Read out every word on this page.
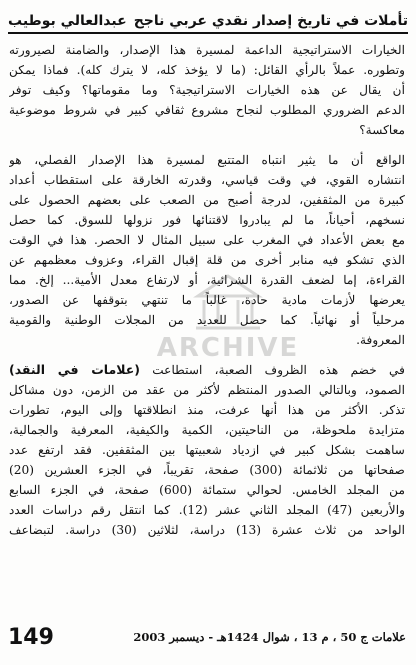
تأملات في تاريخ إصدار نقدي عربي ناجح
عبدالعالي بوطيب
الخيارات الاستراتيجية الداعمة لمسيرة هذا الإصدار، والضامنة لصيرورته
وتطوره. عملاً بالرأي القائل: (ما لا يؤخذ كله، لا يترك كله). فماذا يمكن
أن يقال عن هذه الخيارات الاستراتيجية؟ وما مقوماتها؟ وكيف توفر
الدعم الضروري المطلوب لنجاح مشروع ثقافي كبير في شروط موضوعية
معاكسة؟
الواقع أن ما يثير انتباه المتتبع لمسيرة هذا الإصدار الفصلي، هو
انتشاره القوي، في وقت قياسي، وقدرته الخارقة على استقطاب أعداد
كبيرة من المثقفين، لدرجة أصبح من الصعب على بعضهم الحصول على
نسخهم، أحياناً، ما لم يبادروا لاقتنائها فور نزولها للسوق. كما حصل
مع بعض الأعداد في المغرب على سبيل المثال لا الحصر. هذا في الوقت
الذي تشكو فيه منابر أخرى من قلة إقبال القراء، وعزوف معظمهم عن
القراءة، إما لضعف القدرة الشرائية، أو لارتفاع معدل الأمية... إلخ. مما
يعرضها لأزمات مادية حادة، غالباً ما تنتهي بتوقفها عن الصدور،
مرحلياً أو نهائياً. كما حصل للعديد من المجلات الوطنية والقومية
المعروفة.
في خضم هذه الظروف الصعبة، استطاعت (علامات في النقد)
الصمود، وبالتالي الصدور المنتظم لأكثر من عقد من الزمن، دون مشاكل
تذكر. الأكثر من هذا أنها عرفت، منذ انطلاقتها وإلى اليوم، تطورات
متزايدة ملحوظة، من الناحيتين، الكمية والكيفية، المعرفية والجمالية،
ساهمت بشكل كبير في ازدياد شعبيتها بين المثقفين. فقد ارتفع عدد
صفحاتها من ثلاثمائة (300) صفحة، تقريباً، في الجزء العشرين (20)
من المجلد الخامس. لحوالي ستمائة (600) صفحة، في الجزء السابع
والأربعين (47) المجلد الثاني عشر (12). كما انتقل رقم دراسات العدد
الواحد من ثلاث عشرة (13) دراسة، لثلاثين (30) دراسة. لتبضاعف
ARCHIVE
علامات ج 50 ، م 13 ، شوال 1424هـ - ديسمبر 2003
149
